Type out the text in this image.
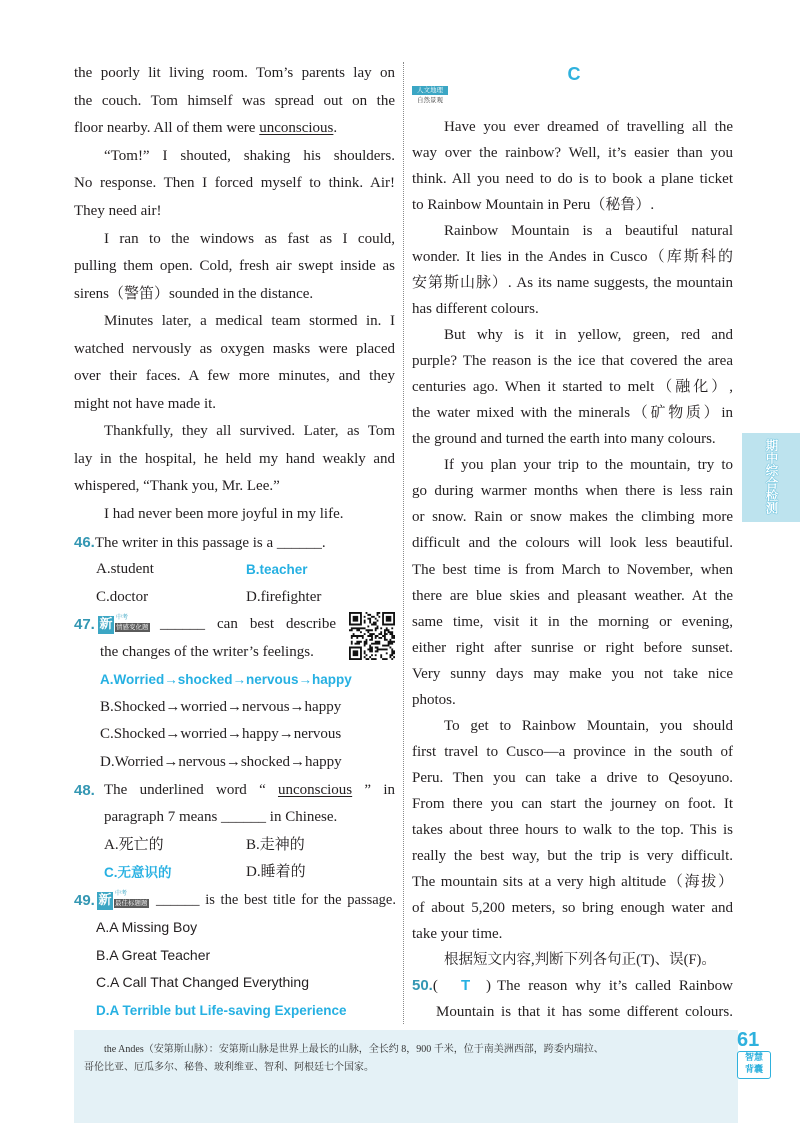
the poorly lit living room. Tom’s parents lay on
the couch. Tom himself was spread out on the
floor nearby. All of them were unconscious.
“Tom!” I shouted, shaking his shoulders.
No response. Then I forced myself to think. Air!
They need air!
I ran to the windows as fast as I could,
pulling them open. Cold, fresh air swept inside as
sirens（警笛）sounded in the distance.
Minutes later, a medical team stormed in. I
watched nervously as oxygen masks were placed
over their faces. A few more minutes, and they
might not have made it.
Thankfully, they all survived. Later, as Tom
lay in the hospital, he held my hand weakly and
whispered, “Thank you, Mr. Lee.”
I had never been more joyful in my life.
46.The writer in this passage is a ______.
A.student	B.teacher
C.doctor	D.firefighter
47. 新 中考
情感变化题 ______ can best describe
the changes of the writer’s feelings.
A.Worried→shocked→nervous→happy
B.Shocked→worried→nervous→happy
C.Shocked→worried→happy→nervous
D.Worried→nervous→shocked→happy
48. The underlined word “ unconscious ” in
paragraph 7 means ______ in Chinese.
A.死亡的	B.走神的
C.无意识的	D.睡着的
49. 新 中考
最佳标题题 ______ is the best title for the passage.
A.A Missing Boy
B.A Great Teacher
C.A Call That Changed Everything
D.A Terrible but Life-saving Experience
C
人文地理
自然景观
Have you ever dreamed of travelling all the
way over the rainbow? Well, it’s easier than you
think. All you need to do is to book a plane ticket
to Rainbow Mountain in Peru（秘鲁）.
Rainbow Mountain is a beautiful natural
wonder. It lies in the Andes in Cusco（库斯科的
安第斯山脉）. As its name suggests, the mountain
has different colours.
But why is it in yellow, green, red and
purple? The reason is the ice that covered the area
centuries ago. When it started to melt（融化）,
the water mixed with the minerals（矿物质）in
the ground and turned the earth into many colours.
If you plan your trip to the mountain, try to
go during warmer months when there is less rain
or snow. Rain or snow makes the climbing more
difficult and the colours will look less beautiful.
The best time is from March to November, when
there are blue skies and pleasant weather. At the
same time, visit it in the morning or evening,
either right after sunrise or right before sunset.
Very sunny days may make you not take nice
photos.
To get to Rainbow Mountain, you should
first travel to Cusco—a province in the south of
Peru. Then you can take a drive to Qesoyuno.
From there you can start the journey on foot. It
takes about three hours to walk to the top. This is
really the best way, but the trip is very difficult.
The mountain sits at a very high altitude（海拔）
of about 5,200 meters, so bring enough water and
take your time.
根据短文内容,判断下列各句正(T)、误(F)。
50.( T ) The reason why it’s called Rainbow
Mountain is that it has some different colours.
期中综合检测
the Andes（安第斯山脉）：安第斯山脉是世界上最长的山脉，全长约 8，900 千米，位于南美洲西部，跨委内瑞拉、
哥伦比亚、厄瓜多尔、秘鲁、玻利维亚、智利、阿根廷七个国家。
61
智慧
背囊
